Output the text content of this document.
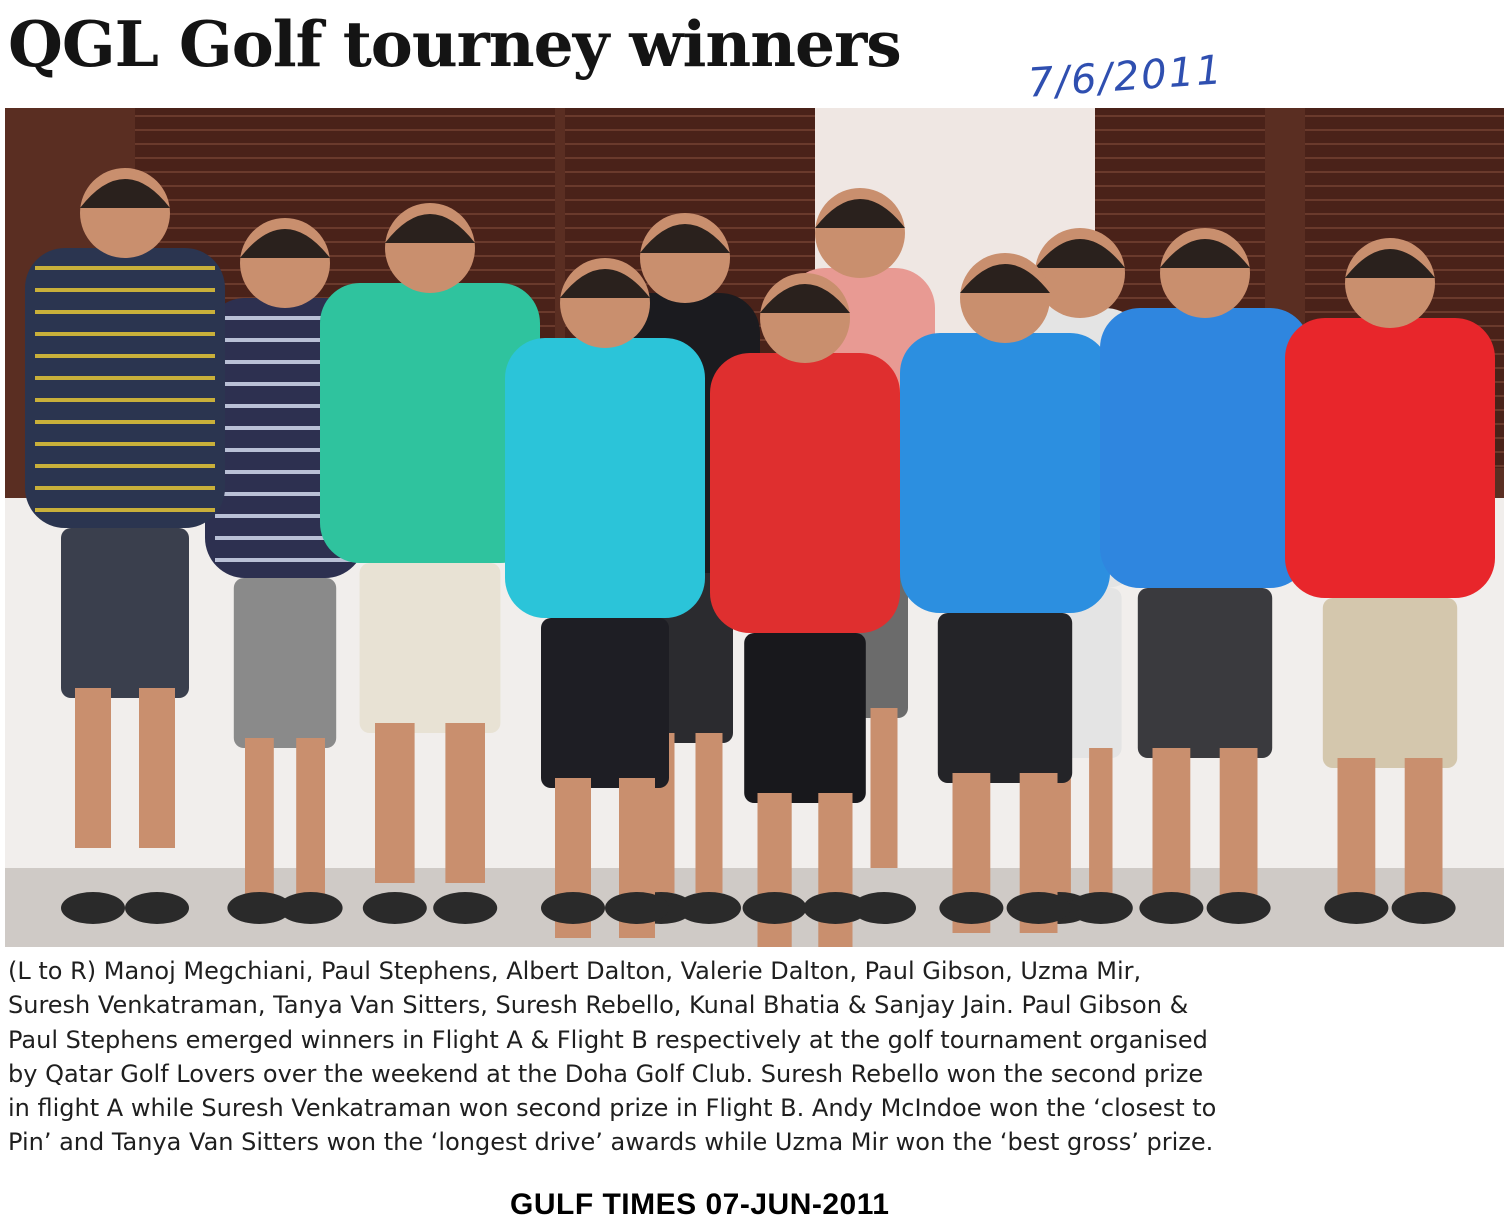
QGL Golf tourney winners	7/6/2011
(L to R) Manoj Megchiani, Paul Stephens, Albert Dalton, Valerie Dalton, Paul Gibson, Uzma Mir,
Suresh Venkatraman, Tanya Van Sitters, Suresh Rebello, Kunal Bhatia & Sanjay Jain. Paul Gibson &
Paul Stephens emerged winners in Flight A & Flight B respectively at the golf tournament organised
by Qatar Golf Lovers over the weekend at the Doha Golf Club. Suresh Rebello won the second prize
in flight A while Suresh Venkatraman won second prize in Flight B. Andy McIndoe won the ‘closest to
Pin’ and Tanya Van Sitters won the ‘longest drive’ awards while Uzma Mir won the ‘best gross’ prize.
GULF TIMES 07-JUN-2011
